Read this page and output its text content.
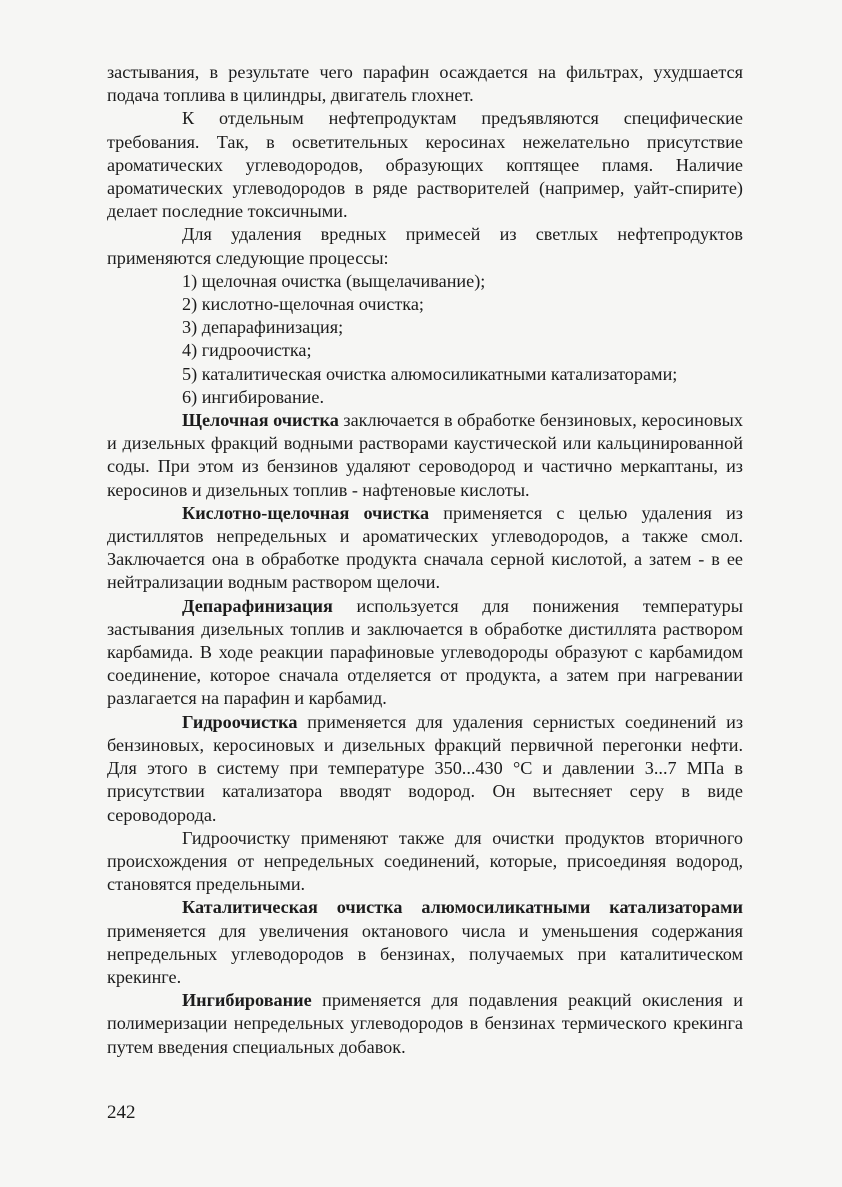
застывания, в результате чего парафин осаждается на фильтрах, ухудшается подача топлива в цилиндры, двигатель глохнет.

К отдельным нефтепродуктам предъявляются специфические требования. Так, в осветительных керосинах нежелательно присутствие ароматических углеводородов, образующих коптящее пламя. Наличие ароматических углеводородов в ряде растворителей (например, уайт-спирите) делает последние токсичными.

Для удаления вредных примесей из светлых нефтепродуктов применяются следующие процессы:

1) щелочная очистка (выщелачивание);
2) кислотно-щелочная очистка;
3) депарафинизация;
4) гидроочистка;
5) каталитическая очистка алюмосиликатными катализаторами;
6) ингибирование.

Щелочная очистка заключается в обработке бензиновых, керосиновых и дизельных фракций водными растворами каустической или кальцинированной соды. При этом из бензинов удаляют сероводород и частично меркаптаны, из керосинов и дизельных топлив - нафтеновые кислоты.

Кислотно-щелочная очистка применяется с целью удаления из дистиллятов непредельных и ароматических углеводородов, а также смол. Заключается она в обработке продукта сначала серной кислотой, а затем - в ее нейтрализации водным раствором щелочи.

Депарафинизация используется для понижения температуры застывания дизельных топлив и заключается в обработке дистиллята раствором карбамида. В ходе реакции парафиновые углеводороды образуют с карбамидом соединение, которое сначала отделяется от продукта, а затем при нагревании разлагается на парафин и карбамид.

Гидроочистка применяется для удаления сернистых соединений из бензиновых, керосиновых и дизельных фракций первичной перегонки нефти. Для этого в систему при температуре 350...430 °С и давлении 3...7 МПа в присутствии катализатора вводят водород. Он вытесняет серу в виде сероводорода.

Гидроочистку применяют также для очистки продуктов вторичного происхождения от непредельных соединений, которые, присоединяя водород, становятся предельными.

Каталитическая очистка алюмосиликатными катализаторами применяется для увеличения октанового числа и уменьшения содержания непредельных углеводородов в бензинах, получаемых при каталитическом крекинге.

Ингибирование применяется для подавления реакций окисления и полимеризации непредельных углеводородов в бензинах термического крекинга путем введения специальных добавок.

242
